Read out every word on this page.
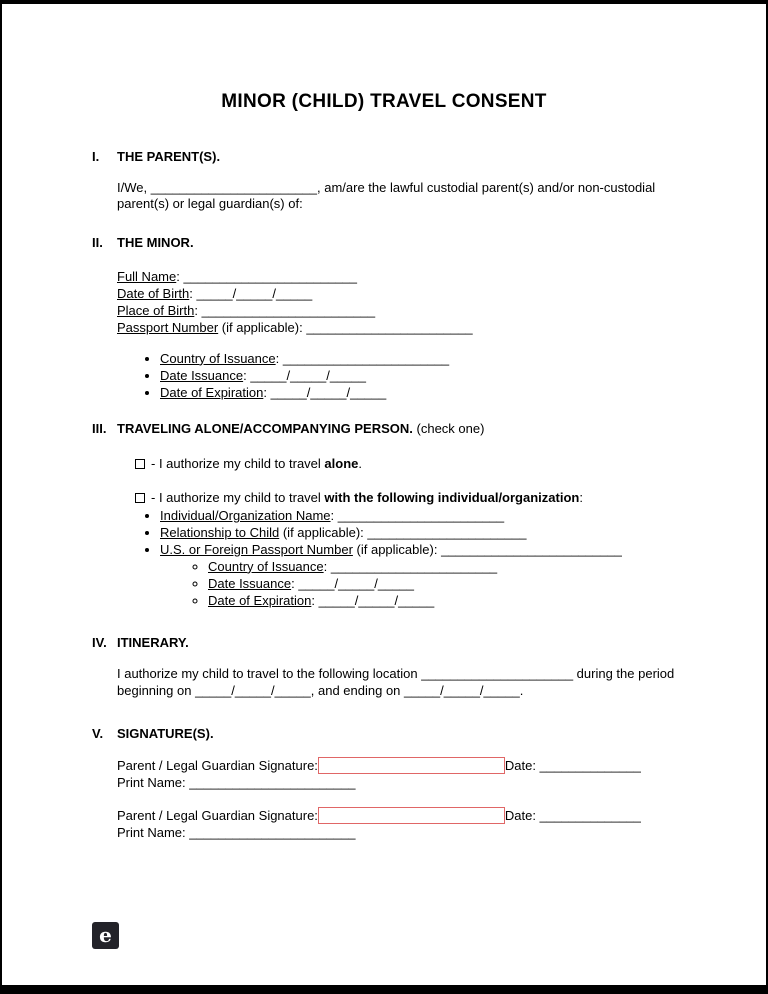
MINOR (CHILD) TRAVEL CONSENT
I. THE PARENT(S).

I/We, _______________________, am/are the lawful custodial parent(s) and/or non-custodial parent(s) or legal guardian(s) of:

II. THE MINOR.
Full Name: ________________________
Date of Birth: _____/_____/_____
Place of Birth: ________________________
Passport Number (if applicable): _______________________
• Country of Issuance: _______________________
• Date Issuance: _____/_____/_____
• Date of Expiration: _____/_____/_____
III. TRAVELING ALONE/ACCOMPANYING PERSON. (check one)
- I authorize my child to travel alone.
- I authorize my child to travel with the following individual/organization:
• Individual/Organization Name: _______________________
• Relationship to Child (if applicable): ______________________
• U.S. or Foreign Passport Number (if applicable): _________________________
◦ Country of Issuance: _______________________
◦ Date Issuance: _____/_____/_____
◦ Date of Expiration: _____/_____/_____
IV. ITINERARY.

I authorize my child to travel to the following location _____________________ during the period beginning on _____/_____/_____, and ending on _____/_____/_____.

V. SIGNATURE(S).
Parent / Legal Guardian Signature:	Date: ______________
Print Name: _______________________
Parent / Legal Guardian Signature:	Date: ______________
Print Name: _______________________
e
